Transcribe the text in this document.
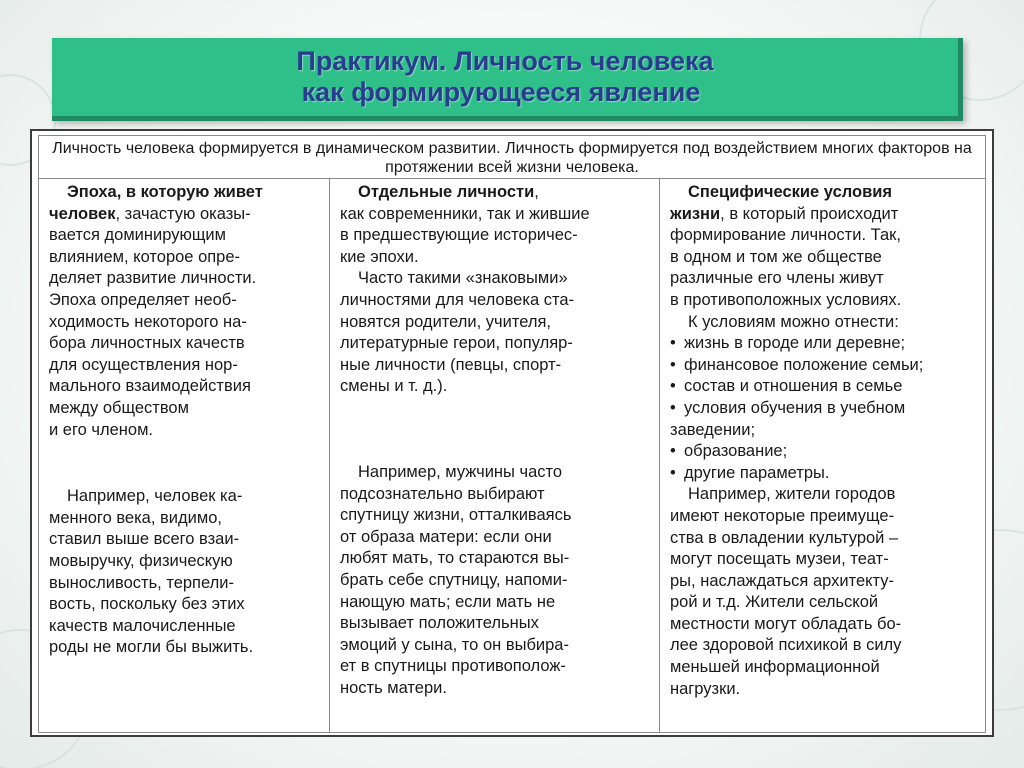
Практикум. Личность человека
как формирующееся явление
Личность человека формируется в динамическом развитии. Личность формируется под воздействием многих факторов на протяжении всей жизни человека.

Эпоха, в которую живет

человек, зачастую оказы-

вается доминирующим

влиянием, которое опре-

деляет развитие личности.

Эпоха определяет необ-

ходимость некоторого на-

бора личностных качеств

для осуществления нор-

мального взаимодействия

между обществом

и его членом.

Например, человек ка-

менного века, видимо,

ставил выше всего взаи-

мовыручку, физическую

выносливость, терпели-

вость, поскольку без этих

качеств малочисленные

роды не могли бы выжить.

Отдельные личности,

как современники, так и жившие

в предшествующие историчес-

кие эпохи.

Часто такими «знаковыми»

личностями для человека ста-

новятся родители, учителя,

литературные герои, популяр-

ные личности (певцы, спорт-

смены и т. д.).

Например, мужчины часто

подсознательно выбирают

спутницу жизни, отталкиваясь

от образа матери: если они

любят мать, то стараются вы-

брать себе спутницу, напоми-

нающую мать; если мать не

вызывает положительных

эмоций у сына, то он выбира-

ет в спутницы противополож-

ность матери.

Специфические условия

жизни, в который происходит

формирование личности. Так,

в одном и том же обществе

различные его члены живут

в противоположных условиях.

К условиям можно отнести:

• жизнь в городе или деревне;

• финансовое положение семьи;

• состав и отношения в семье

• условия обучения в учебном

заведении;

• образование;

• другие параметры.

Например, жители городов

имеют некоторые преимуще-

ства в овладении культурой –

могут посещать музеи, теат-

ры, наслаждаться архитекту-

рой и т.д. Жители сельской

местности могут обладать бо-

лее здоровой психикой в силу

меньшей информационной

нагрузки.
